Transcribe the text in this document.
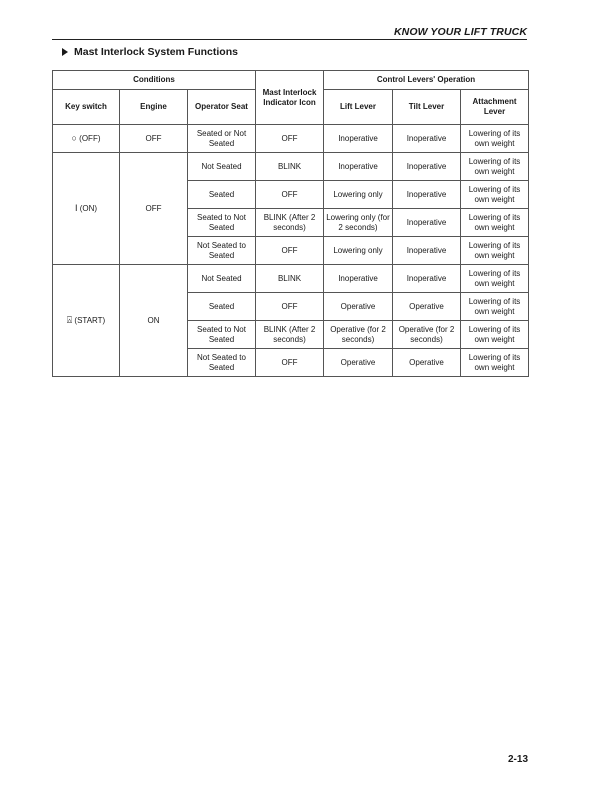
KNOW YOUR LIFT TRUCK
Mast Interlock System Functions
Conditions			Mast Interlock Indicator Icon	Control Levers' Operation		
Key switch	Engine	Operator Seat		Lift Lever	Tilt Lever	Attachment Lever
○ (OFF)	OFF	Seated or Not Seated	OFF	Inoperative	Inoperative	Lowering of its own weight
I (ON)	OFF	Not Seated	BLINK	Inoperative	Inoperative	Lowering of its own weight
		Seated	OFF	Lowering only	Inoperative	Lowering of its own weight
		Seated to Not Seated	BLINK (After 2 seconds)	Lowering only (for 2 seconds)	Inoperative	Lowering of its own weight
		Not Seated to Seated	OFF	Lowering only	Inoperative	Lowering of its own weight
⍓ (START)	ON	Not Seated	BLINK	Inoperative	Inoperative	Lowering of its own weight
		Seated	OFF	Operative	Operative	Lowering of its own weight
		Seated to Not Seated	BLINK (After 2 seconds)	Operative (for 2 seconds)	Operative (for 2 seconds)	Lowering of its own weight
		Not Seated to Seated	OFF	Operative	Operative	Lowering of its own weight
2-13
